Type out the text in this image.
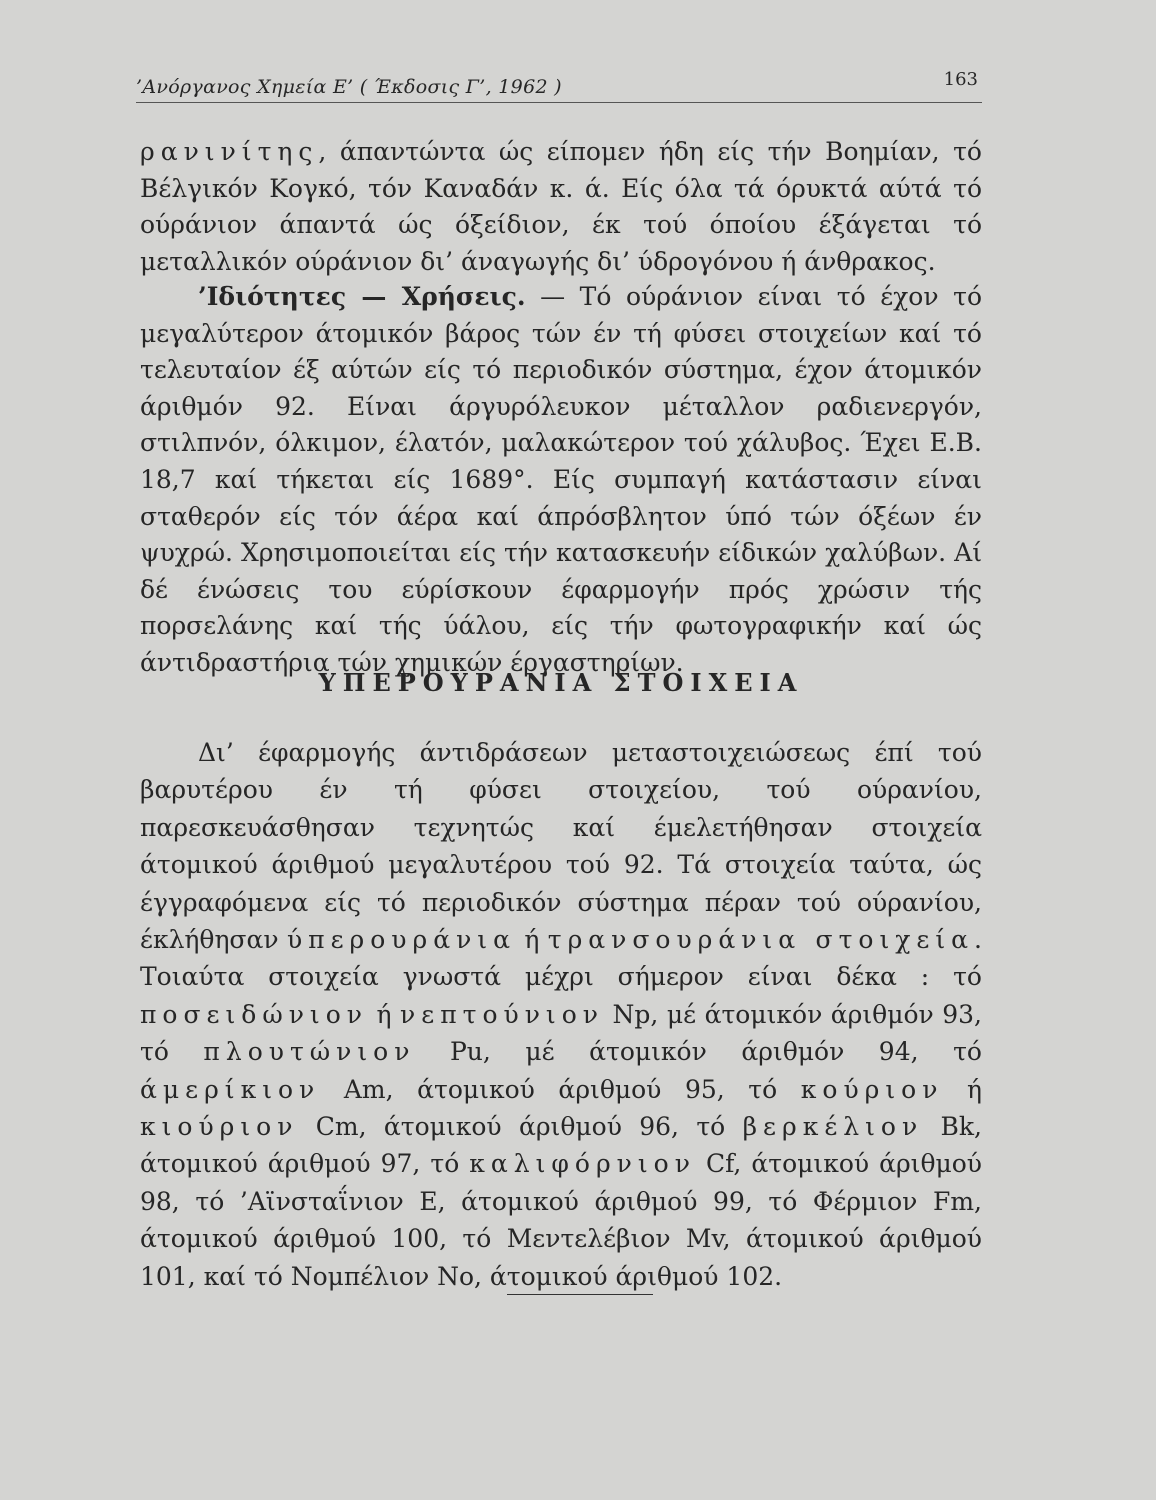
’Ανόργανος Χημεία Ε’ ( Έκδοσις Γ’, 1962 )	163

ρανινίτης, άπαντώντα ώς είπομεν ήδη είς τήν Βοημίαν, τό Βέλγικόν Κογκό, τόν Καναδάν κ. ά. Είς όλα τά όρυκτά αύτά τό ούράνιον άπαντά ώς όξείδιον, έκ τού όποίου έξάγεται τό μεταλλικόν ούράνιον δι’ άναγωγής δι’ ύδρογόνου ή άνθρακος.

’Ιδιότητες — Χρήσεις. — Τό ούράνιον είναι τό έχον τό μεγαλύτερον άτομικόν βάρος τών έν τή φύσει στοιχείων καί τό τελευταίον έξ αύτών είς τό περιοδικόν σύστημα, έχον άτομικόν άριθμόν 92. Είναι άργυρόλευκον μέταλλον ραδιενεργόν, στιλπνόν, όλκιμον, έλατόν, μαλακώτερον τού χάλυβος. Έχει Ε.Β. 18,7 καί τήκεται είς 1689°. Είς συμπαγή κατάστασιν είναι σταθερόν είς τόν άέρα καί άπρόσβλητον ύπό τών όξέων έν ψυχρώ. Χρησιμοποιείται είς τήν κατασκευήν είδικών χαλύβων. Αί δέ ένώσεις του εύρίσκουν έφαρμογήν πρός χρώσιν τής πορσελάνης καί τής ύάλου, είς τήν φωτογραφικήν καί ώς άντιδραστήρια τών χημικών έργαστηρίων.

ΥΠΕΡΟΥΡΑΝΙΑ ΣΤΟΙΧΕΙΑ

Δι’ έφαρμογής άντιδράσεων μεταστοιχειώσεως έπί τού βαρυτέρου έν τή φύσει στοιχείου, τού ούρανίου, παρεσκευάσθησαν τεχνητώς καί έμελετήθησαν στοιχεία άτομικού άριθμού μεγαλυτέρου τού 92. Τά στοιχεία ταύτα, ώς έγγραφόμενα είς τό περιοδικόν σύστημα πέραν τού ούρανίου, έκλήθησαν ύπερουράνια ή τρανσουράνια στοιχεία. Τοιαύτα στοιχεία γνωστά μέχρι σήμερον είναι δέκα : τό ποσειδώνιον ή νεπτούνιον Np, μέ άτομικόν άριθμόν 93, τό πλουτώνιον Pu, μέ άτομικόν άριθμόν 94, τό άμερίκιον Am, άτομικού άριθμού 95, τό κούριον ή κιούριον Cm, άτομικού άριθμού 96, τό βερκέλιον Bk, άτομικού άριθμού 97, τό καλιφόρνιον Cf, άτομικού άριθμού 98, τό ’Αϊνσταΐνιον Ε, άτομικού άριθμού 99, τό Φέρμιον Fm, άτομικού άριθμού 100, τό Μεντελέβιον Mv, άτομικού άριθμού 101, καί τό Νομπέλιον Νο, άτομικού άριθμού 102.
